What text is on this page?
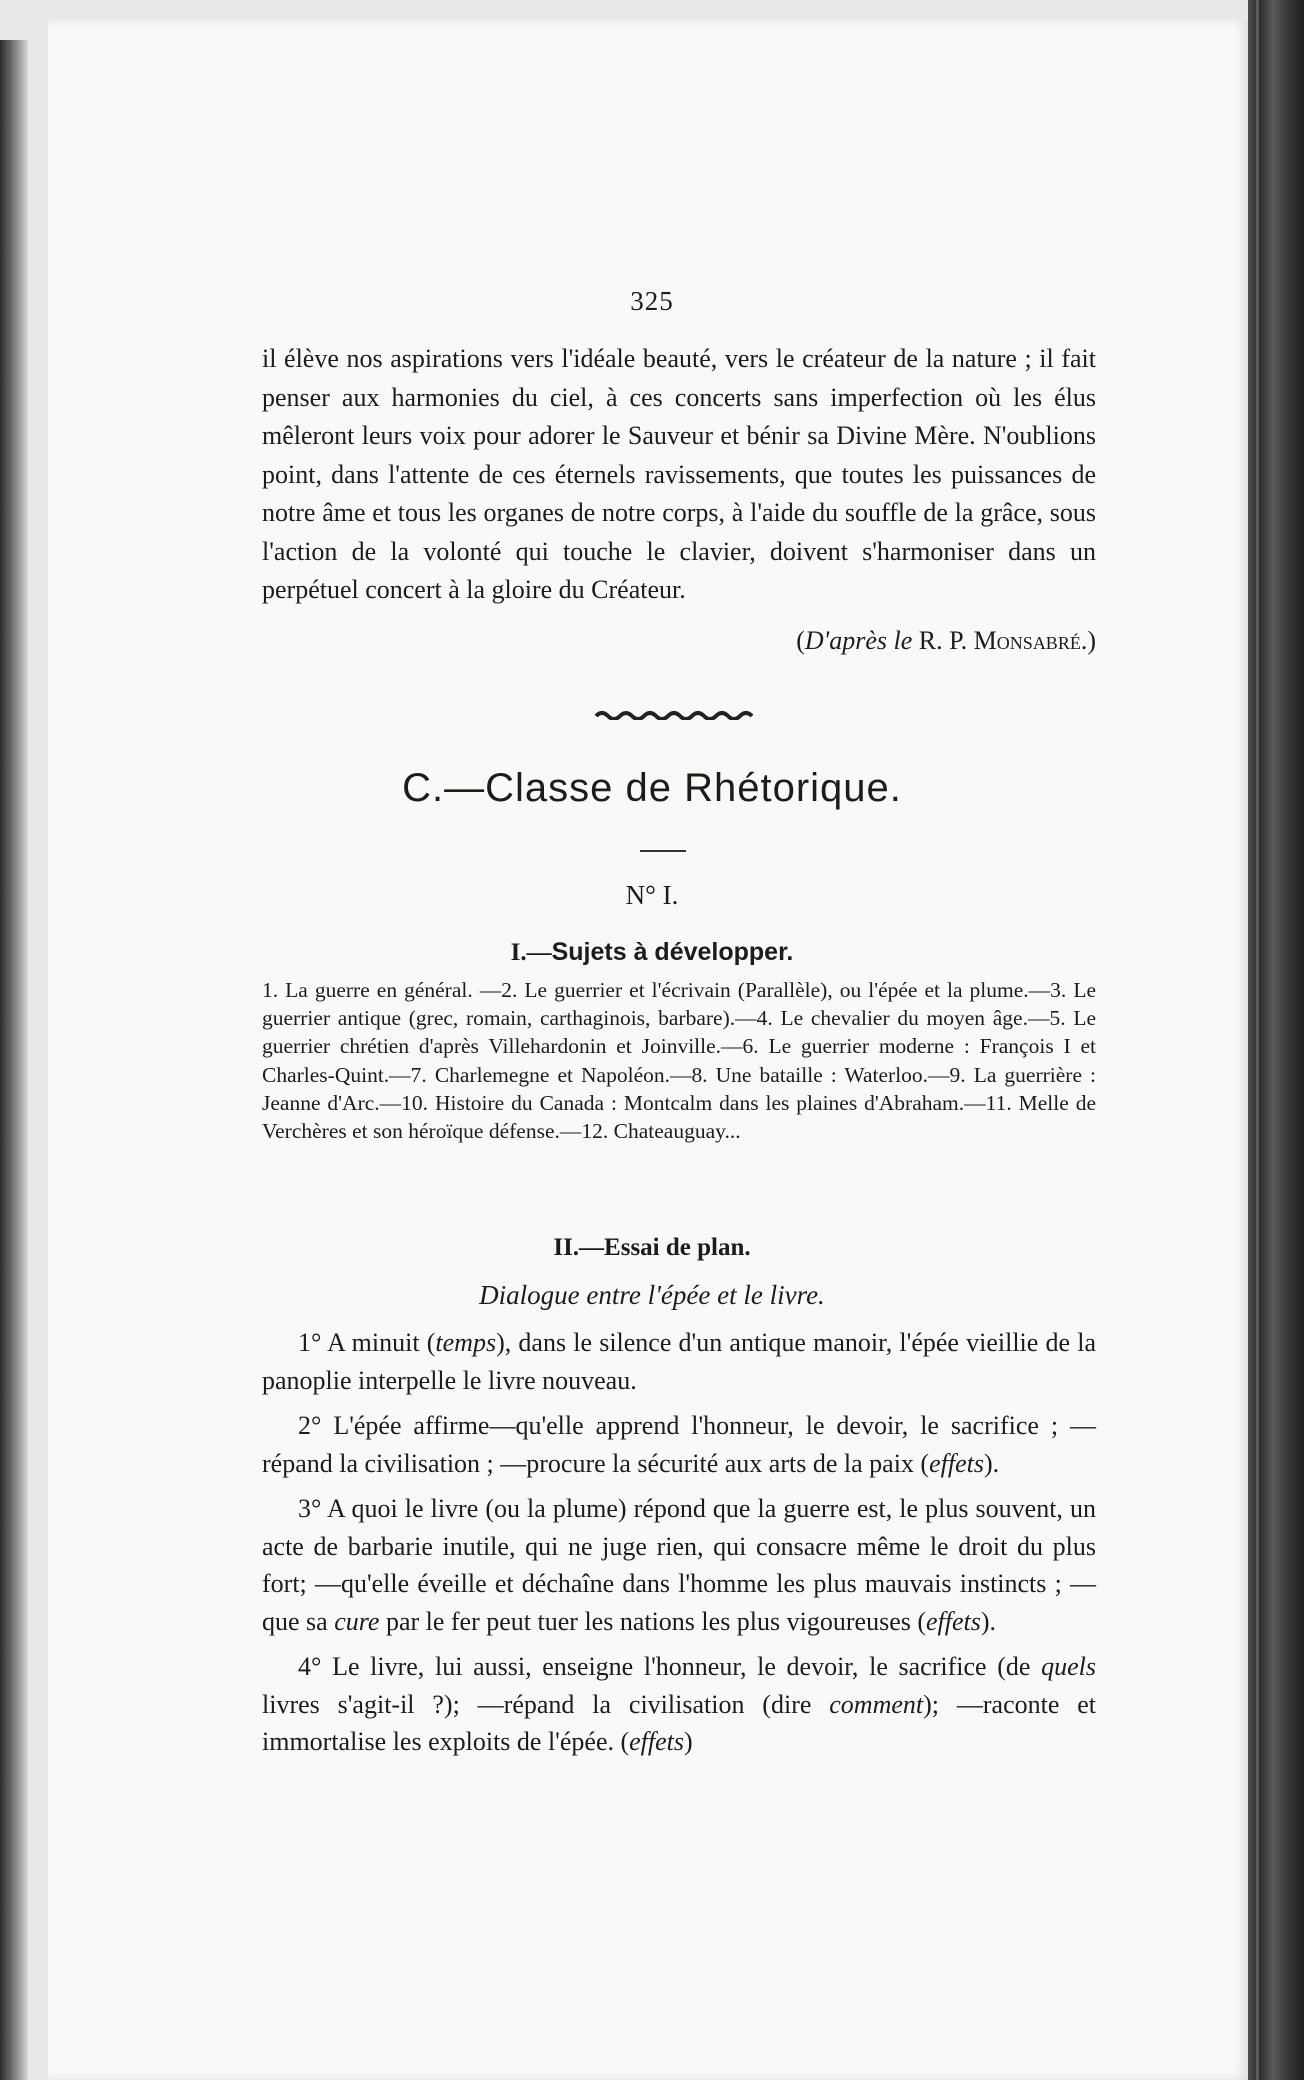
325

il élève nos aspirations vers l'idéale beauté, vers le créateur de la nature ; il fait penser aux harmonies du ciel, à ces concerts sans imperfection où les élus mêleront leurs voix pour adorer le Sauveur et bénir sa Divine Mère. N'oublions point, dans l'attente de ces éternels ravissements, que toutes les puissances de notre âme et tous les organes de notre corps, à l'aide du souffle de la grâce, sous l'action de la volonté qui touche le clavier, doivent s'harmoniser dans un perpétuel concert à la gloire du Créateur.

(D'après le R. P. Monsabré.)
C.—Classe de Rhétorique.
N° I.
I.—Sujets à développer.

1. La guerre en général. —2. Le guerrier et l'écrivain (Parallèle), ou l'épée et la plume.—3. Le guerrier antique (grec, romain, carthaginois, barbare).—4. Le chevalier du moyen âge.—5. Le guerrier chrétien d'après Villehardonin et Joinville.—6. Le guerrier moderne : François I et Charles-Quint.—7. Charlemegne et Napoléon.—8. Une bataille : Waterloo.—9. La guerrière : Jeanne d'Arc.—10. Histoire du Canada : Montcalm dans les plaines d'Abraham.—11. Melle de Verchères et son héroïque défense.—12. Chateauguay...

II.—Essai de plan.
Dialogue entre l'épée et le livre.

1° A minuit (temps), dans le silence d'un antique manoir, l'épée vieillie de la panoplie interpelle le livre nouveau.

2° L'épée affirme—qu'elle apprend l'honneur, le devoir, le sacrifice ; —répand la civilisation ; —procure la sécurité aux arts de la paix (effets).

3° A quoi le livre (ou la plume) répond que la guerre est, le plus souvent, un acte de barbarie inutile, qui ne juge rien, qui consacre même le droit du plus fort; —qu'elle éveille et déchaîne dans l'homme les plus mauvais instincts ; —que sa cure par le fer peut tuer les nations les plus vigoureuses (effets).

4° Le livre, lui aussi, enseigne l'honneur, le devoir, le sacrifice (de quels livres s'agit-il ?); —répand la civilisation (dire comment); —raconte et immortalise les exploits de l'épée. (effets)
